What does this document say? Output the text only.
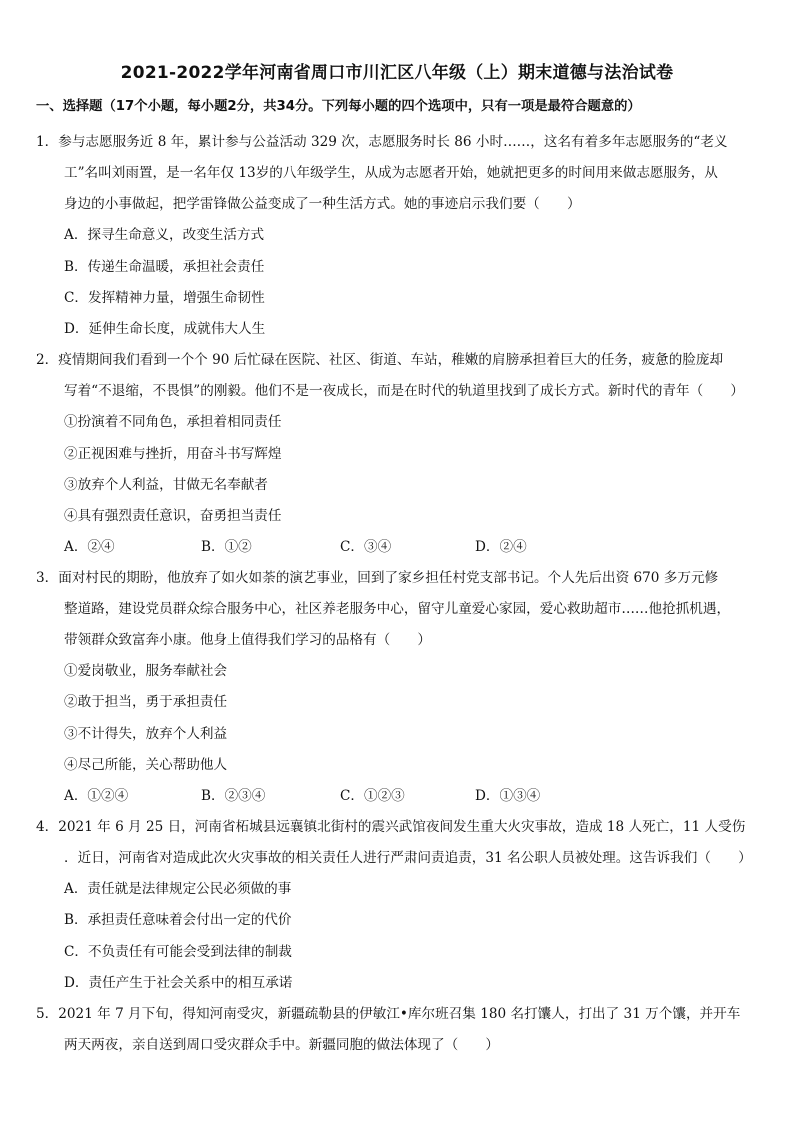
2021-2022学年河南省周口市川汇区八年级（上）期末道德与法治试卷
一、选择题（17个小题，每小题2分，共34分。下列每小题的四个选项中，只有一项是最符合题意的）
1．参与志愿服务近 8 年，累计参与公益活动 329 次，志愿服务时长 86 小时……，这名有着多年志愿服务的“老义
工”名叫刘雨置，是一名年仅 13岁的八年级学生，从成为志愿者开始，她就把更多的时间用来做志愿服务，从
身边的小事做起，把学雷锋做公益变成了一种生活方式。她的事迹启示我们要（　　）
A．探寻生命意义，改变生活方式
B．传递生命温暖，承担社会责任
C．发挥精神力量，增强生命韧性
D．延伸生命长度，成就伟大人生
2．疫情期间我们看到一个个 90 后忙碌在医院、社区、街道、车站，稚嫩的肩膀承担着巨大的任务，疲惫的脸庞却
写着“不退缩，不畏惧”的刚毅。他们不是一夜成长，而是在时代的轨道里找到了成长方式。新时代的青年（　　）
①扮演着不同角色，承担着相同责任
②正视困难与挫折，用奋斗书写辉煌
③放弃个人利益，甘做无名奉献者
④具有强烈责任意识，奋勇担当责任
A．②④	B．①②	C．③④	D．②④
3．面对村民的期盼，他放弃了如火如荼的演艺事业，回到了家乡担任村党支部书记。个人先后出资 670 多万元修
整道路，建设党员群众综合服务中心，社区养老服务中心，留守儿童爱心家园，爱心救助超市……他抢抓机遇，
带领群众致富奔小康。他身上值得我们学习的品格有（　　）
①爱岗敬业，服务奉献社会
②敢于担当，勇于承担责任
③不计得失，放弃个人利益
④尽己所能，关心帮助他人
A．①②④	B．②③④	C．①②③	D．①③④
4．2021 年 6 月 25 日，河南省柘城县远襄镇北街村的震兴武馆夜间发生重大火灾事故，造成 18 人死亡，11 人受伤
．近日，河南省对造成此次火灾事故的相关责任人进行严肃问责追责，31 名公职人员被处理。这告诉我们（　　）
A．责任就是法律规定公民必须做的事
B．承担责任意味着会付出一定的代价
C．不负责任有可能会受到法律的制裁
D．责任产生于社会关系中的相互承诺
5．2021 年 7 月下旬，得知河南受灾，新疆疏勒县的伊敏江•库尔班召集 180 名打馕人，打出了 31 万个馕，并开车
两天两夜，亲自送到周口受灾群众手中。新疆同胞的做法体现了（　　）
